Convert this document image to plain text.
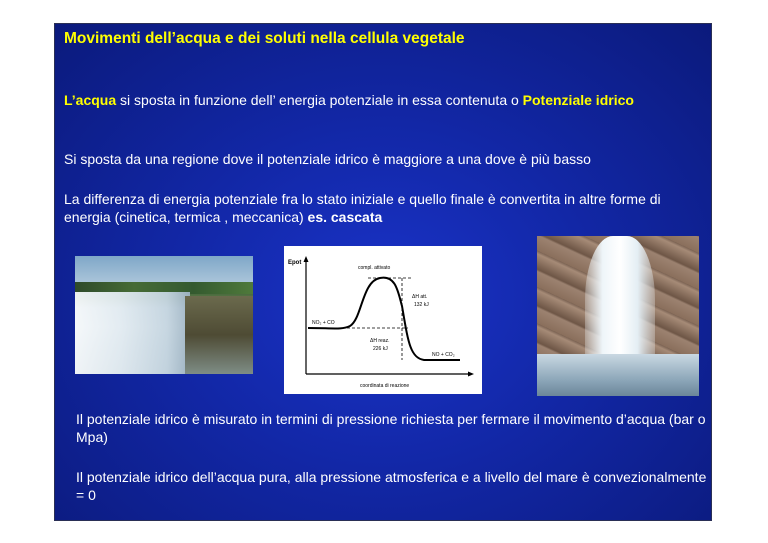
Movimenti dell’acqua e dei soluti nella cellula vegetale
L’acqua si sposta in funzione dell’ energia potenziale in essa contenuta o Potenziale idrico
Si sposta da una regione dove il potenziale idrico è maggiore a una dove è più basso
La differenza di energia potenziale fra lo stato iniziale e quello finale è convertita in altre forme di energia (cinetica, termica , meccanica) es. cascata
Epot
compl. attivato
ΔH att.
132 kJ
NO₂ + CO
ΔH reaz.
226 kJ
NO + CO₂
coordinata di reazione
Il potenziale idrico è misurato in termini di pressione richiesta per fermare il movimento d’acqua (bar o Mpa)
Il potenziale idrico dell’acqua pura, alla pressione atmosferica e a livello del mare è convezionalmente = 0
